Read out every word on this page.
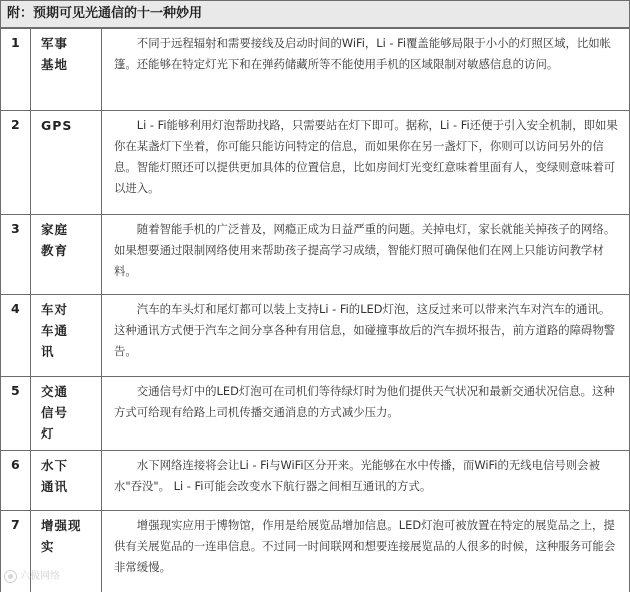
附：预期可见光通信的十一种妙用
1	军事
基地	不同于远程辐射和需要接线及启动时间的WiFi，Li - Fi覆盖能够局限于小小的灯照区域，比如帐篷。还能够在特定灯光下和在弹药储藏所等不能使用手机的区域限制对敏感信息的访问。
2	GPS	Li - Fi能够利用灯泡帮助找路，只需要站在灯下即可。据称，Li - Fi还便于引入安全机制，即如果你在某盏灯下坐着，你可能只能访问特定的信息，而如果你在另一盏灯下，你则可以访问另外的信息。智能灯照还可以提供更加具体的位置信息，比如房间灯光变红意味着里面有人，变绿则意味着可以进入。
3	家庭
教育	随着智能手机的广泛普及，网瘾正成为日益严重的问题。关掉电灯，家长就能关掉孩子的网络。如果想要通过限制网络使用来帮助孩子提高学习成绩，智能灯照可确保他们在网上只能访问教学材料。
4	车对
车通
讯	汽车的车头灯和尾灯都可以装上支持Li - Fi的LED灯泡，这反过来可以带来汽车对汽车的通讯。这种通讯方式便于汽车之间分享各种有用信息，如碰撞事故后的汽车损坏报告，前方道路的障碍物警告。
5	交通
信号
灯	交通信号灯中的LED灯泡可在司机们等待绿灯时为他们提供天气状况和最新交通状况信息。这种方式可给现有给路上司机传播交通消息的方式减少压力。
6	水下
通讯	水下网络连接将会让Li - Fi与WiFi区分开来。光能够在水中传播，而WiFi的无线电信号则会被水"吞没"。 Li - Fi可能会改变水下航行器之间相互通讯的方式。
7	增强现
实	增强现实应用于博物馆，作用是给展览品增加信息。LED灯泡可被放置在特定的展览品之上，提供有关展览品的一连串信息。不过同一时间联网和想要连接展览品的人很多的时候，这种服务可能会非常缓慢。
六极网络
